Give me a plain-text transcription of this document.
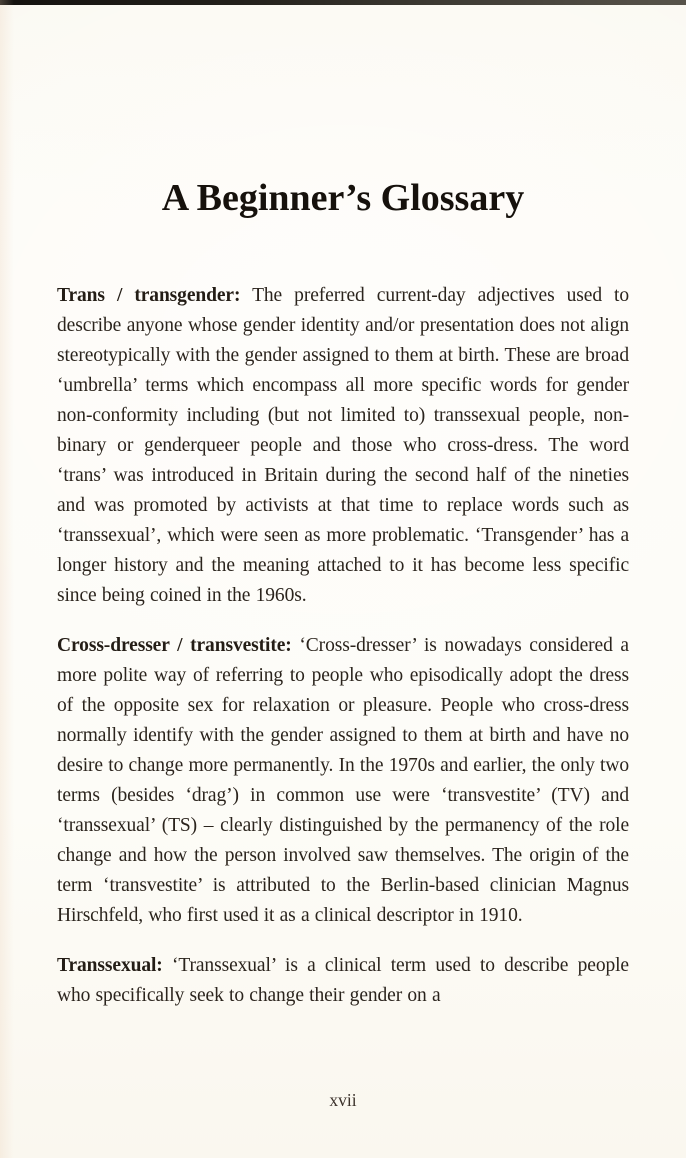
A Beginner’s Glossary

Trans / transgender: The preferred current-day adjectives used to describe anyone whose gender identity and/or presentation does not align stereotypically with the gender assigned to them at birth. These are broad ‘umbrella’ terms which encompass all more specific words for gender non-conformity including (but not limited to) transsexual people, non-binary or genderqueer people and those who cross-dress. The word ‘trans’ was introduced in Britain during the second half of the nineties and was promoted by activists at that time to replace words such as ‘transsexual’, which were seen as more problematic. ‘Transgender’ has a longer history and the meaning attached to it has become less specific since being coined in the 1960s.

Cross-dresser / transvestite: ‘Cross-dresser’ is nowadays considered a more polite way of referring to people who episodically adopt the dress of the opposite sex for relaxation or pleasure. People who cross-dress normally identify with the gender assigned to them at birth and have no desire to change more permanently. In the 1970s and earlier, the only two terms (besides ‘drag’) in common use were ‘transvestite’ (TV) and ‘transsexual’ (TS) – clearly distinguished by the permanency of the role change and how the person involved saw themselves. The origin of the term ‘transvestite’ is attributed to the Berlin-based clinician Magnus Hirschfeld, who first used it as a clinical descriptor in 1910.

Transsexual: ‘Transsexual’ is a clinical term used to describe people who specifically seek to change their gender on a

xvii
